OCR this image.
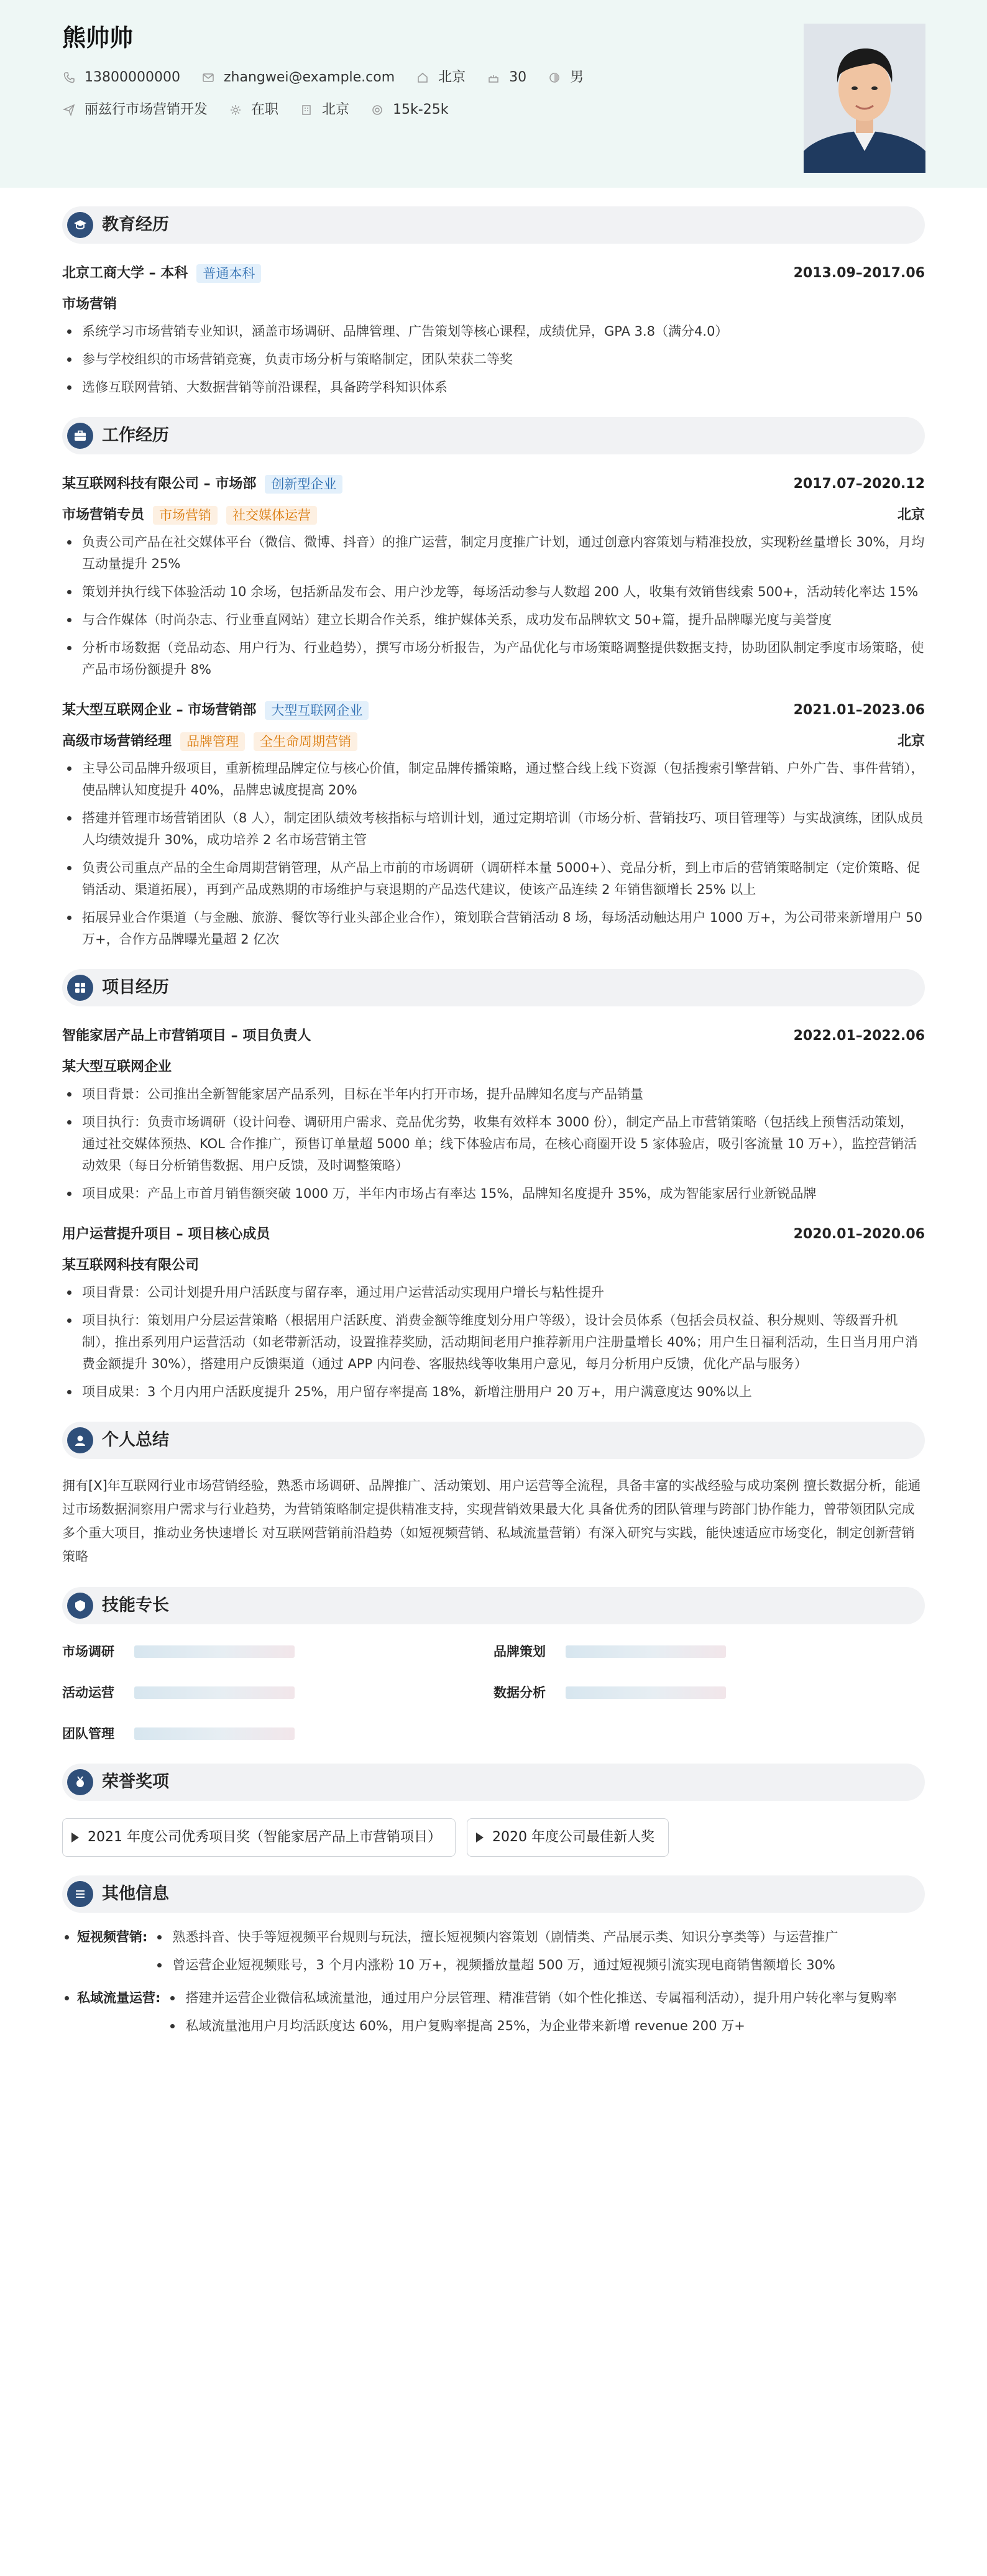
熊帅帅
13800000000	zhangwei@example.com	北京	30	男
丽兹行市场营销开发	在职	北京	15k-25k
教育经历
北京工商大学 – 本科	普通本科	2013.09–2017.06
市场营销
系统学习市场营销专业知识，涵盖市场调研、品牌管理、广告策划等核心课程，成绩优异，GPA 3.8（满分4.0）
参与学校组织的市场营销竞赛，负责市场分析与策略制定，团队荣获二等奖
选修互联网营销、大数据营销等前沿课程，具备跨学科知识体系
工作经历
某互联网科技有限公司 – 市场部	创新型企业	2017.07–2020.12
市场营销专员	市场营销	社交媒体运营	北京
负责公司产品在社交媒体平台（微信、微博、抖音）的推广运营，制定月度推广计划，通过创意内容策划与精准投放，实现粉丝量增长 30%，月均互动量提升 25%
策划并执行线下体验活动 10 余场，包括新品发布会、用户沙龙等，每场活动参与人数超 200 人，收集有效销售线索 500+，活动转化率达 15%
与合作媒体（时尚杂志、行业垂直网站）建立长期合作关系，维护媒体关系，成功发布品牌软文 50+篇，提升品牌曝光度与美誉度
分析市场数据（竞品动态、用户行为、行业趋势），撰写市场分析报告，为产品优化与市场策略调整提供数据支持，协助团队制定季度市场策略，使产品市场份额提升 8%
某大型互联网企业 – 市场营销部	大型互联网企业	2021.01–2023.06
高级市场营销经理	品牌管理	全生命周期营销	北京
主导公司品牌升级项目，重新梳理品牌定位与核心价值，制定品牌传播策略，通过整合线上线下资源（包括搜索引擎营销、户外广告、事件营销），使品牌认知度提升 40%，品牌忠诚度提高 20%
搭建并管理市场营销团队（8 人），制定团队绩效考核指标与培训计划，通过定期培训（市场分析、营销技巧、项目管理等）与实战演练，团队成员人均绩效提升 30%，成功培养 2 名市场营销主管
负责公司重点产品的全生命周期营销管理，从产品上市前的市场调研（调研样本量 5000+）、竞品分析，到上市后的营销策略制定（定价策略、促销活动、渠道拓展），再到产品成熟期的市场维护与衰退期的产品迭代建议，使该产品连续 2 年销售额增长 25% 以上
拓展异业合作渠道（与金融、旅游、餐饮等行业头部企业合作），策划联合营销活动 8 场，每场活动触达用户 1000 万+，为公司带来新增用户 50 万+，合作方品牌曝光量超 2 亿次
项目经历
智能家居产品上市营销项目 – 项目负责人	2022.01–2022.06
某大型互联网企业
项目背景：公司推出全新智能家居产品系列，目标在半年内打开市场，提升品牌知名度与产品销量
项目执行：负责市场调研（设计问卷、调研用户需求、竞品优劣势，收集有效样本 3000 份），制定产品上市营销策略（包括线上预售活动策划，通过社交媒体预热、KOL 合作推广，预售订单量超 5000 单；线下体验店布局，在核心商圈开设 5 家体验店，吸引客流量 10 万+），监控营销活动效果（每日分析销售数据、用户反馈，及时调整策略）
项目成果：产品上市首月销售额突破 1000 万，半年内市场占有率达 15%，品牌知名度提升 35%，成为智能家居行业新锐品牌
用户运营提升项目 – 项目核心成员	2020.01–2020.06
某互联网科技有限公司
项目背景：公司计划提升用户活跃度与留存率，通过用户运营活动实现用户增长与粘性提升
项目执行：策划用户分层运营策略（根据用户活跃度、消费金额等维度划分用户等级），设计会员体系（包括会员权益、积分规则、等级晋升机制），推出系列用户运营活动（如老带新活动，设置推荐奖励，活动期间老用户推荐新用户注册量增长 40%；用户生日福利活动，生日当月用户消费金额提升 30%），搭建用户反馈渠道（通过 APP 内问卷、客服热线等收集用户意见，每月分析用户反馈，优化产品与服务）
项目成果：3 个月内用户活跃度提升 25%，用户留存率提高 18%，新增注册用户 20 万+，用户满意度达 90%以上
个人总结
拥有[X]年互联网行业市场营销经验，熟悉市场调研、品牌推广、活动策划、用户运营等全流程，具备丰富的实战经验与成功案例 擅长数据分析，能通过市场数据洞察用户需求与行业趋势，为营销策略制定提供精准支持，实现营销效果最大化 具备优秀的团队管理与跨部门协作能力，曾带领团队完成多个重大项目，推动业务快速增长 对互联网营销前沿趋势（如短视频营销、私域流量营销）有深入研究与实践，能快速适应市场变化，制定创新营销策略
技能专长
市场调研	品牌策划
活动运营	数据分析
团队管理
荣誉奖项
2021 年度公司优秀项目奖（智能家居产品上市营销项目）	2020 年度公司最佳新人奖
其他信息
短视频营销:	熟悉抖音、快手等短视频平台规则与玩法，擅长短视频内容策划（剧情类、产品展示类、知识分享类等）与运营推广
曾运营企业短视频账号，3 个月内涨粉 10 万+，视频播放量超 500 万，通过短视频引流实现电商销售额增长 30%
私域流量运营:	搭建并运营企业微信私域流量池，通过用户分层管理、精准营销（如个性化推送、专属福利活动），提升用户转化率与复购率
私域流量池用户月均活跃度达 60%，用户复购率提高 25%，为企业带来新增 revenue 200 万+
